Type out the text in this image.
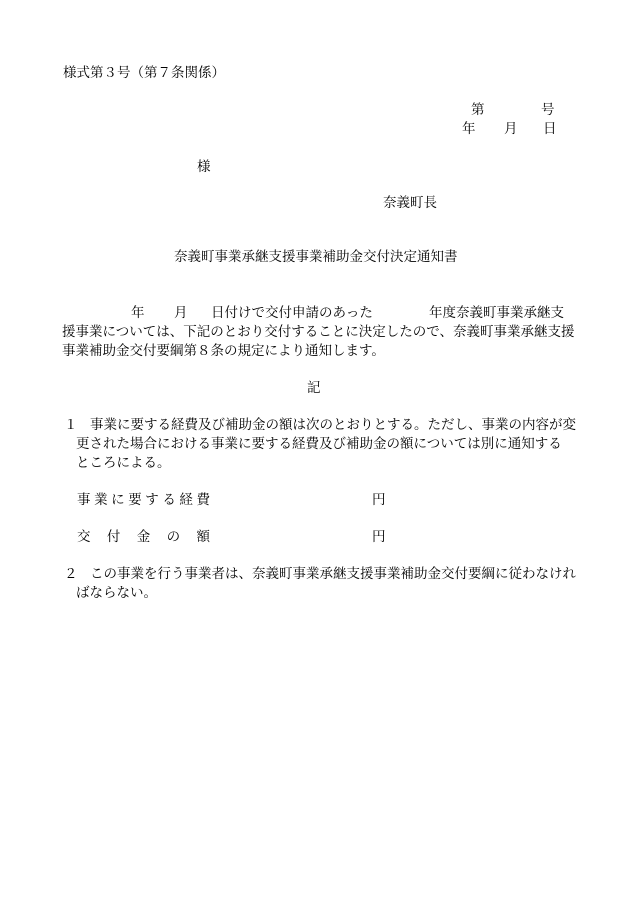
様式第３号（第７条関係）
第	号
年 月 日
様
奈義町長
奈義町事業承継支援事業補助金交付決定通知書
年 月 日付けで交付申請のあった	年度奈義町事業承継支
援事業については、下記のとおり交付することに決定したので、奈義町事業承継支援
事業補助金交付要綱第８条の規定により通知します。
記
１ 事業に要する経費及び補助金の額は次のとおりとする。ただし、事業の内容が変
更された場合における事業に要する経費及び補助金の額については別に通知する
ところによる。
事業に要する経費	円
交付金の額	円
２ この事業を行う事業者は、奈義町事業承継支援事業補助金交付要綱に従わなけれ
ばならない。
